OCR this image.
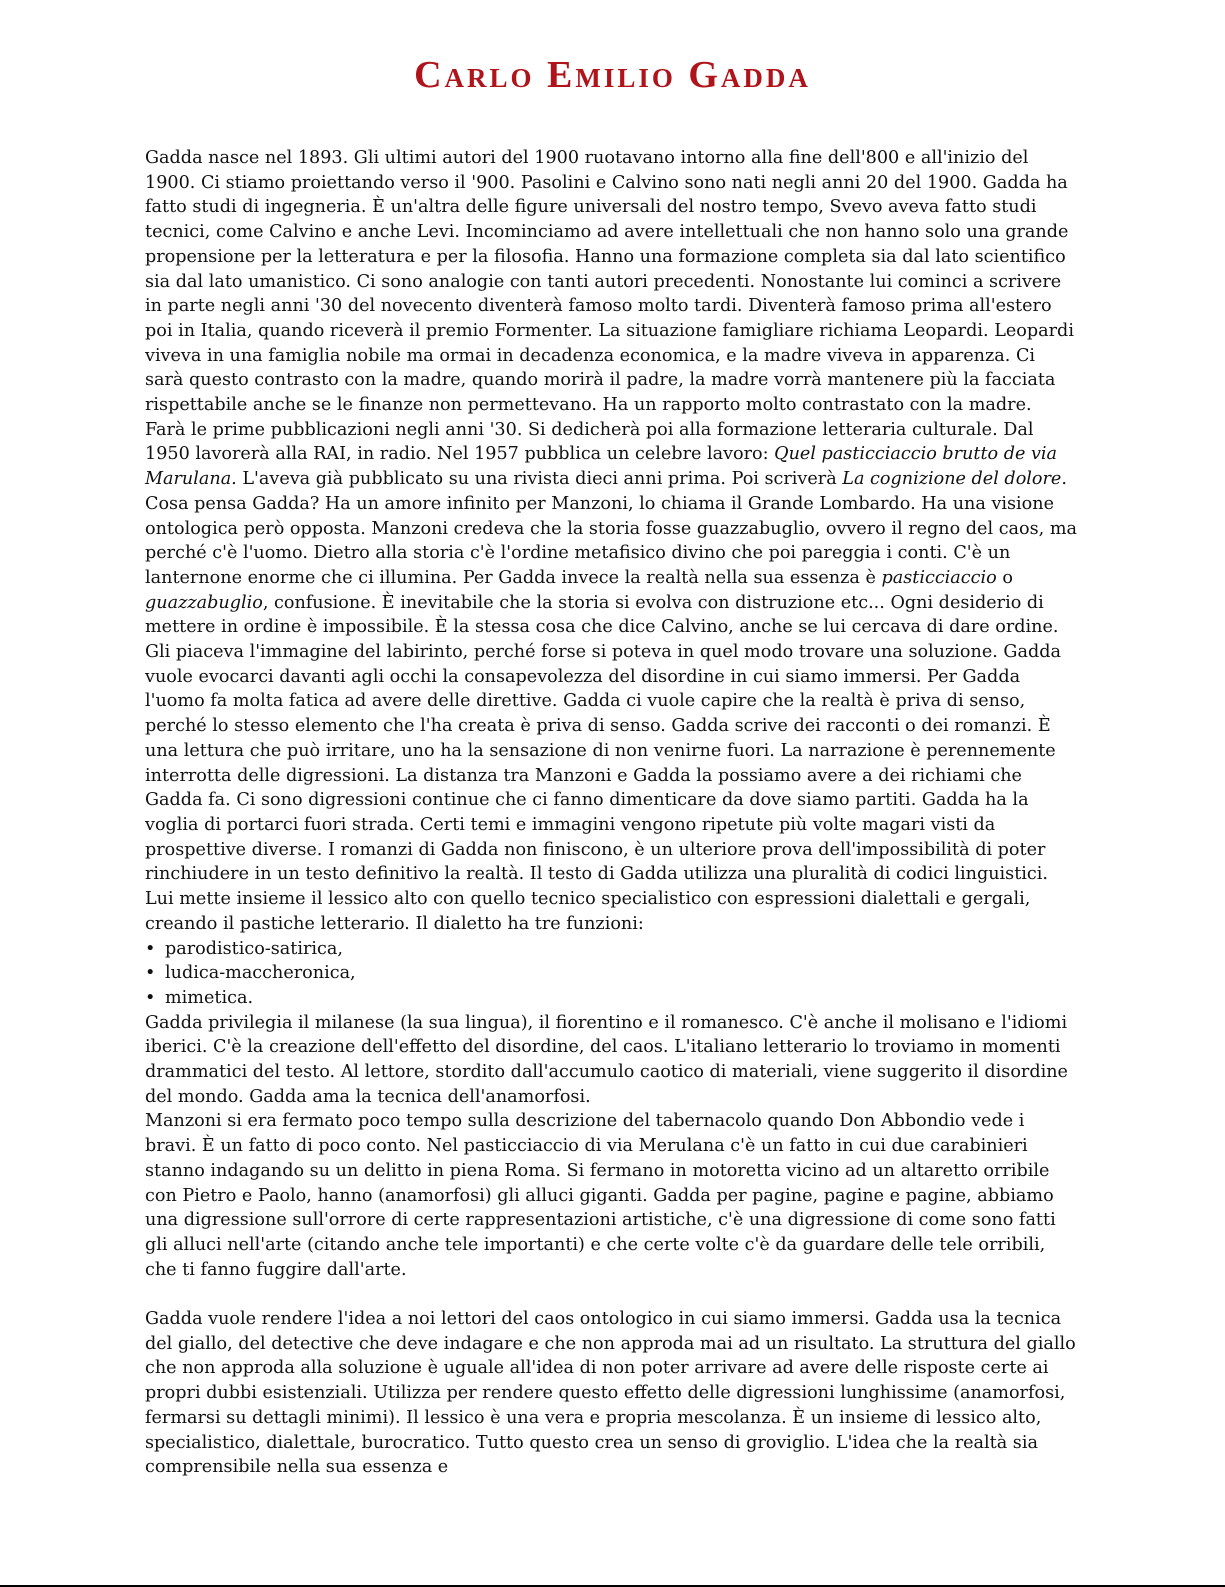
Carlo Emilio Gadda

Gadda nasce nel 1893. Gli ultimi autori del 1900 ruotavano intorno alla fine dell'800 e all'inizio del 1900. Ci stiamo proiettando verso il '900. Pasolini e Calvino sono nati negli anni 20 del 1900. Gadda ha fatto studi di ingegneria. È un'altra delle figure universali del nostro tempo, Svevo aveva fatto studi tecnici, come Calvino e anche Levi. Incominciamo ad avere intellettuali che non hanno solo una grande propensione per la letteratura e per la filosofia. Hanno una formazione completa sia dal lato scientifico sia dal lato umanistico. Ci sono analogie con tanti autori precedenti. Nonostante lui cominci a scrivere in parte negli anni '30 del novecento diventerà famoso molto tardi. Diventerà famoso prima all'estero poi in Italia, quando riceverà il premio Formenter. La situazione famigliare richiama Leopardi. Leopardi viveva in una famiglia nobile ma ormai in decadenza economica, e la madre viveva in apparenza. Ci sarà questo contrasto con la madre, quando morirà il padre, la madre vorrà mantenere più la facciata rispettabile anche se le finanze non permettevano. Ha un rapporto molto contrastato con la madre. Farà le prime pubblicazioni negli anni '30. Si dedicherà poi alla formazione letteraria culturale. Dal 1950 lavorerà alla RAI, in radio. Nel 1957 pubblica un celebre lavoro: Quel pasticciaccio brutto de via Marulana. L'aveva già pubblicato su una rivista dieci anni prima. Poi scriverà La cognizione del dolore.

Cosa pensa Gadda? Ha un amore infinito per Manzoni, lo chiama il Grande Lombardo. Ha una visione ontologica però opposta. Manzoni credeva che la storia fosse guazzabuglio, ovvero il regno del caos, ma perché c'è l'uomo. Dietro alla storia c'è l'ordine metafisico divino che poi pareggia i conti. C'è un lanternone enorme che ci illumina. Per Gadda invece la realtà nella sua essenza è pasticciaccio o guazzabuglio, confusione. È inevitabile che la storia si evolva con distruzione etc... Ogni desiderio di mettere in ordine è impossibile. È la stessa cosa che dice Calvino, anche se lui cercava di dare ordine. Gli piaceva l'immagine del labirinto, perché forse si poteva in quel modo trovare una soluzione. Gadda vuole evocarci davanti agli occhi la consapevolezza del disordine in cui siamo immersi. Per Gadda l'uomo fa molta fatica ad avere delle direttive. Gadda ci vuole capire che la realtà è priva di senso, perché lo stesso elemento che l'ha creata è priva di senso. Gadda scrive dei racconti o dei romanzi. È una lettura che può irritare, uno ha la sensazione di non venirne fuori. La narrazione è perennemente interrotta delle digressioni. La distanza tra Manzoni e Gadda la possiamo avere a dei richiami che Gadda fa. Ci sono digressioni continue che ci fanno dimenticare da dove siamo partiti. Gadda ha la voglia di portarci fuori strada. Certi temi e immagini vengono ripetute più volte magari visti da prospettive diverse. I romanzi di Gadda non finiscono, è un ulteriore prova dell'impossibilità di poter rinchiudere in un testo definitivo la realtà. Il testo di Gadda utilizza una pluralità di codici linguistici. Lui mette insieme il lessico alto con quello tecnico specialistico con espressioni dialettali e gergali, creando il pastiche letterario. Il dialetto ha tre funzioni:

• parodistico-satirica,
• ludica-maccheronica,
• mimetica.

Gadda privilegia il milanese (la sua lingua), il fiorentino e il romanesco. C'è anche il molisano e l'idiomi iberici. C'è la creazione dell'effetto del disordine, del caos. L'italiano letterario lo troviamo in momenti drammatici del testo. Al lettore, stordito dall'accumulo caotico di materiali, viene suggerito il disordine del mondo. Gadda ama la tecnica dell'anamorfosi.

Manzoni si era fermato poco tempo sulla descrizione del tabernacolo quando Don Abbondio vede i bravi. È un fatto di poco conto. Nel pasticciaccio di via Merulana c'è un fatto in cui due carabinieri stanno indagando su un delitto in piena Roma. Si fermano in motoretta vicino ad un altaretto orribile con Pietro e Paolo, hanno (anamorfosi) gli alluci giganti. Gadda per pagine, pagine e pagine, abbiamo una digressione sull'orrore di certe rappresentazioni artistiche, c'è una digressione di come sono fatti gli alluci nell'arte (citando anche tele importanti) e che certe volte c'è da guardare delle tele orribili, che ti fanno fuggire dall'arte.

Gadda vuole rendere l'idea a noi lettori del caos ontologico in cui siamo immersi. Gadda usa la tecnica del giallo, del detective che deve indagare e che non approda mai ad un risultato. La struttura del giallo che non approda alla soluzione è uguale all'idea di non poter arrivare ad avere delle risposte certe ai propri dubbi esistenziali. Utilizza per rendere questo effetto delle digressioni lunghissime (anamorfosi, fermarsi su dettagli minimi). Il lessico è una vera e propria mescolanza. È un insieme di lessico alto, specialistico, dialettale, burocratico. Tutto questo crea un senso di groviglio. L'idea che la realtà sia comprensibile nella sua essenza e
